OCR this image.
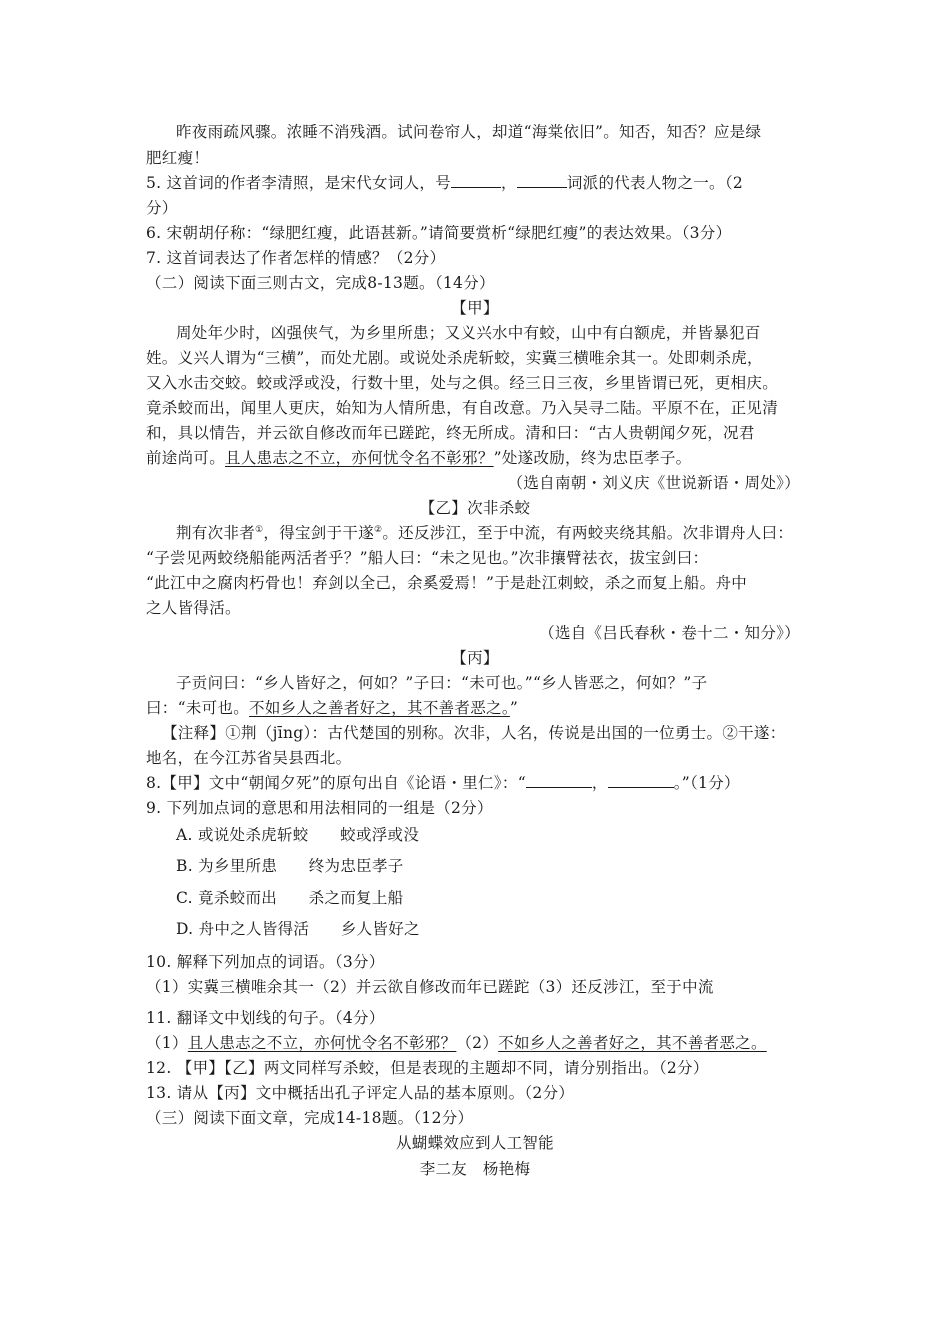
昨夜雨疏风骤。浓睡不消残酒。试问卷帘人，却道“海棠依旧”。知否，知否？应是绿
肥红瘦！
5. 这首词的作者李清照，是宋代女词人，号	，	词派的代表人物之一。（2
分）
6. 宋朝胡仔称：“绿肥红瘦，此语甚新。”请简要赏析“绿肥红瘦”的表达效果。（3分）
7. 这首词表达了作者怎样的情感？（2分）
（二）阅读下面三则古文，完成8-13题。（14分）
【甲】
周处年少时，凶强侠气，为乡里所患；又义兴水中有蛟，山中有白额虎，并皆暴犯百
姓。义兴人谓为“三横”，而处尤剧。或说处杀虎斩蛟，实冀三横唯余其一。处即刺杀虎，
又入水击交蛟。蛟或浮或没，行数十里，处与之俱。经三日三夜，乡里皆谓已死，更相庆。
竟杀蛟而出，闻里人更庆，始知为人情所患，有自改意。乃入吴寻二陆。平原不在，正见清
和，具以情告，并云欲自修改而年已蹉跎，终无所成。清和曰：“古人贵朝闻夕死，况君
前途尚可。且人患志之不立，亦何忧令名不彰邪？”处遂改励，终为忠臣孝子。
（选自南朝・刘义庆《世说新语・周处》）
【乙】次非杀蛟
荆有次非者①，得宝剑于干遂②。还反涉江，至于中流，有两蛟夹绕其船。次非谓舟人曰：
“子尝见两蛟绕船能两活者乎？”船人曰：“未之见也。”次非攘臂祛衣，拔宝剑曰：
“此江中之腐肉朽骨也！弃剑以全己，余奚爱焉！”于是赴江刺蛟，杀之而复上船。舟中
之人皆得活。
（选自《吕氏春秋・卷十二・知分》）
【丙】
子贡问曰：“乡人皆好之，何如？”子曰：“未可也。”“乡人皆恶之，何如？”子
曰：“未可也。不如乡人之善者好之，其不善者恶之。”
【注释】①荆（jīng）：古代楚国的别称。次非，人名，传说是出国的一位勇士。②干遂：
地名，在今江苏省吴县西北。
8.【甲】文中“朝闻夕死”的原句出自《论语・里仁》：“	，	。”（1分）
9. 下列加点词的意思和用法相同的一组是（2分）
A. 或说处杀虎斩蛟　　蛟或浮或没
B. 为乡里所患　　终为忠臣孝子
C. 竟杀蛟而出　　杀之而复上船
D. 舟中之人皆得活　　乡人皆好之
10. 解释下列加点的词语。（3分）
（1）实冀三横唯余其一（2）并云欲自修改而年已蹉跎（3）还反涉江，至于中流
11. 翻译文中划线的句子。（4分）
（1）且人患志之不立，亦何忧令名不彰邪？（2）不如乡人之善者好之，其不善者恶之。
12. 【甲】【乙】两文同样写杀蛟，但是表现的主题却不同，请分别指出。（2分）
13. 请从【丙】文中概括出孔子评定人品的基本原则。（2分）
（三）阅读下面文章，完成14-18题。（12分）
从蝴蝶效应到人工智能
李二友　杨艳梅
